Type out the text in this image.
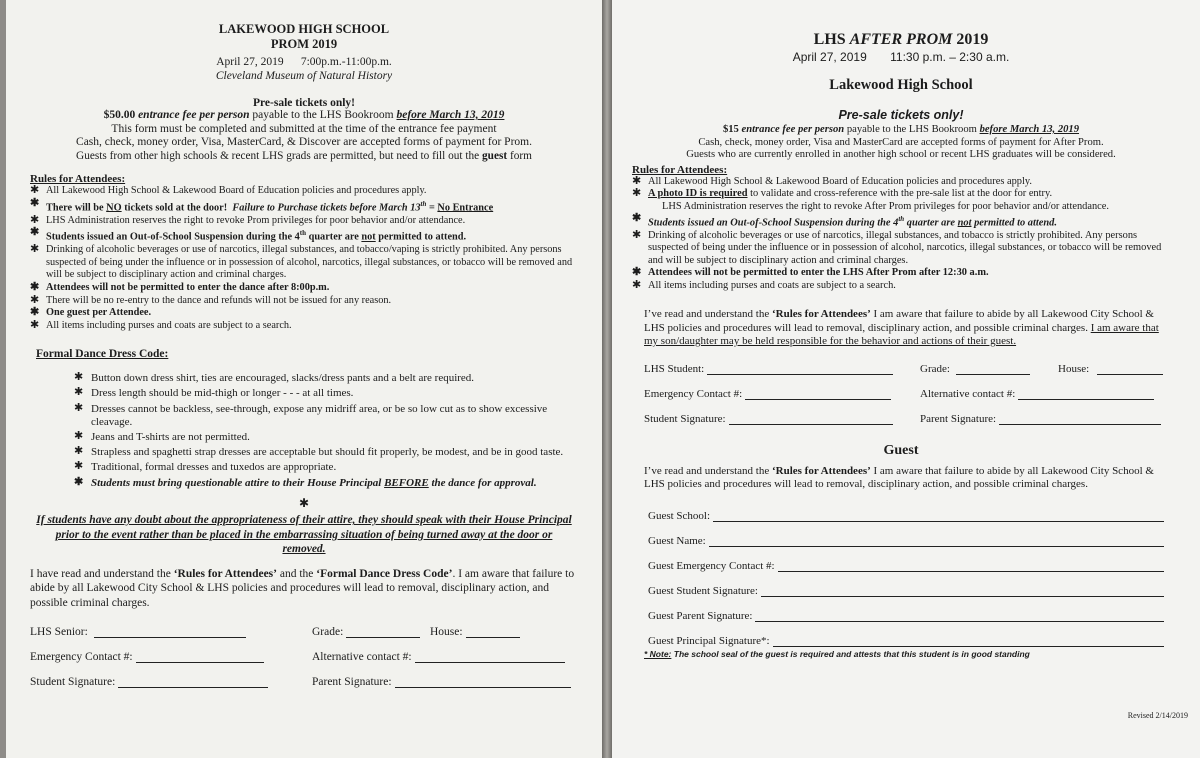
LAKEWOOD HIGH SCHOOL
PROM 2019
April 27, 2019 7:00p.m.-11:00p.m.
Cleveland Museum of Natural History
Pre-sale tickets only!
$50.00 entrance fee per person payable to the LHS Bookroom before March 13, 2019
This form must be completed and submitted at the time of the entrance fee payment
Cash, check, money order, Visa, MasterCard, & Discover are accepted forms of payment for Prom.
Guests from other high schools & recent LHS grads are permitted, but need to fill out the guest form
Rules for Attendees:
✱ All Lakewood High School & Lakewood Board of Education policies and procedures apply.
✱ There will be NO tickets sold at the door! Failure to Purchase tickets before March 13th = No Entrance
✱ LHS Administration reserves the right to revoke Prom privileges for poor behavior and/or attendance.
✱ Students issued an Out-of-School Suspension during the 4th quarter are not permitted to attend.
✱ Drinking of alcoholic beverages or use of narcotics, illegal substances, and tobacco/vaping is strictly prohibited. Any persons suspected of being under the influence or in possession of alcohol, narcotics, illegal substances, or tobacco will be removed and will be subject to disciplinary action and criminal charges.
✱ Attendees will not be permitted to enter the dance after 8:00p.m.
✱ There will be no re-entry to the dance and refunds will not be issued for any reason.
✱ One guest per Attendee.
✱ All items including purses and coats are subject to a search.
Formal Dance Dress Code:
✱ Button down dress shirt, ties are encouraged, slacks/dress pants and a belt are required.
✱ Dress length should be mid-thigh or longer - - - at all times.
✱ Dresses cannot be backless, see-through, expose any midriff area, or be so low cut as to show excessive cleavage.
✱ Jeans and T-shirts are not permitted.
✱ Strapless and spaghetti strap dresses are acceptable but should fit properly, be modest, and be in good taste.
✱ Traditional, formal dresses and tuxedos are appropriate.
✱ Students must bring questionable attire to their House Principal BEFORE the dance for approval.
✱
If students have any doubt about the appropriateness of their attire, they should speak with their House Principal prior to the event rather than be placed in the embarrassing situation of being turned away at the door or removed.
I have read and understand the ‘Rules for Attendees’ and the ‘Formal Dance Dress Code’. I am aware that failure to abide by all Lakewood City School & LHS policies and procedures will lead to removal, disciplinary action, and possible criminal charges.
LHS Senior:	Grade:	House:
Emergency Contact #:	Alternative contact #:
Student Signature:	Parent Signature:
LHS AFTER PROM 2019
April 27, 2019 11:30 p.m. – 2:30 a.m.
Lakewood High School
Pre-sale tickets only!
$15 entrance fee per person payable to the LHS Bookroom before March 13, 2019
Cash, check, money order, Visa and MasterCard are accepted forms of payment for After Prom.
Guests who are currently enrolled in another high school or recent LHS graduates will be considered.
Rules for Attendees:
✱ All Lakewood High School & Lakewood Board of Education policies and procedures apply.
✱ A photo ID is required to validate and cross-reference with the pre-sale list at the door for entry.
LHS Administration reserves the right to revoke After Prom privileges for poor behavior and/or attendance.
✱ Students issued an Out-of-School Suspension during the 4th quarter are not permitted to attend.
✱ Drinking of alcoholic beverages or use of narcotics, illegal substances, and tobacco is strictly prohibited. Any persons suspected of being under the influence or in possession of alcohol, narcotics, illegal substances, or tobacco will be removed and will be subject to disciplinary action and criminal charges.
✱ Attendees will not be permitted to enter the LHS After Prom after 12:30 a.m.
✱ All items including purses and coats are subject to a search.
I’ve read and understand the ‘Rules for Attendees’ I am aware that failure to abide by all Lakewood City School & LHS policies and procedures will lead to removal, disciplinary action, and possible criminal charges. I am aware that my son/daughter may be held responsible for the behavior and actions of their guest.
LHS Student:	Grade:	House:
Emergency Contact #:	Alternative contact #:
Student Signature:	Parent Signature:
Guest
I’ve read and understand the ‘Rules for Attendees’ I am aware that failure to abide by all Lakewood City School & LHS policies and procedures will lead to removal, disciplinary action, and possible criminal charges.
Guest School:
Guest Name:
Guest Emergency Contact #:
Guest Student Signature:
Guest Parent Signature:
Guest Principal Signature*:
* Note: The school seal of the guest is required and attests that this student is in good standing
Revised 2/14/2019
